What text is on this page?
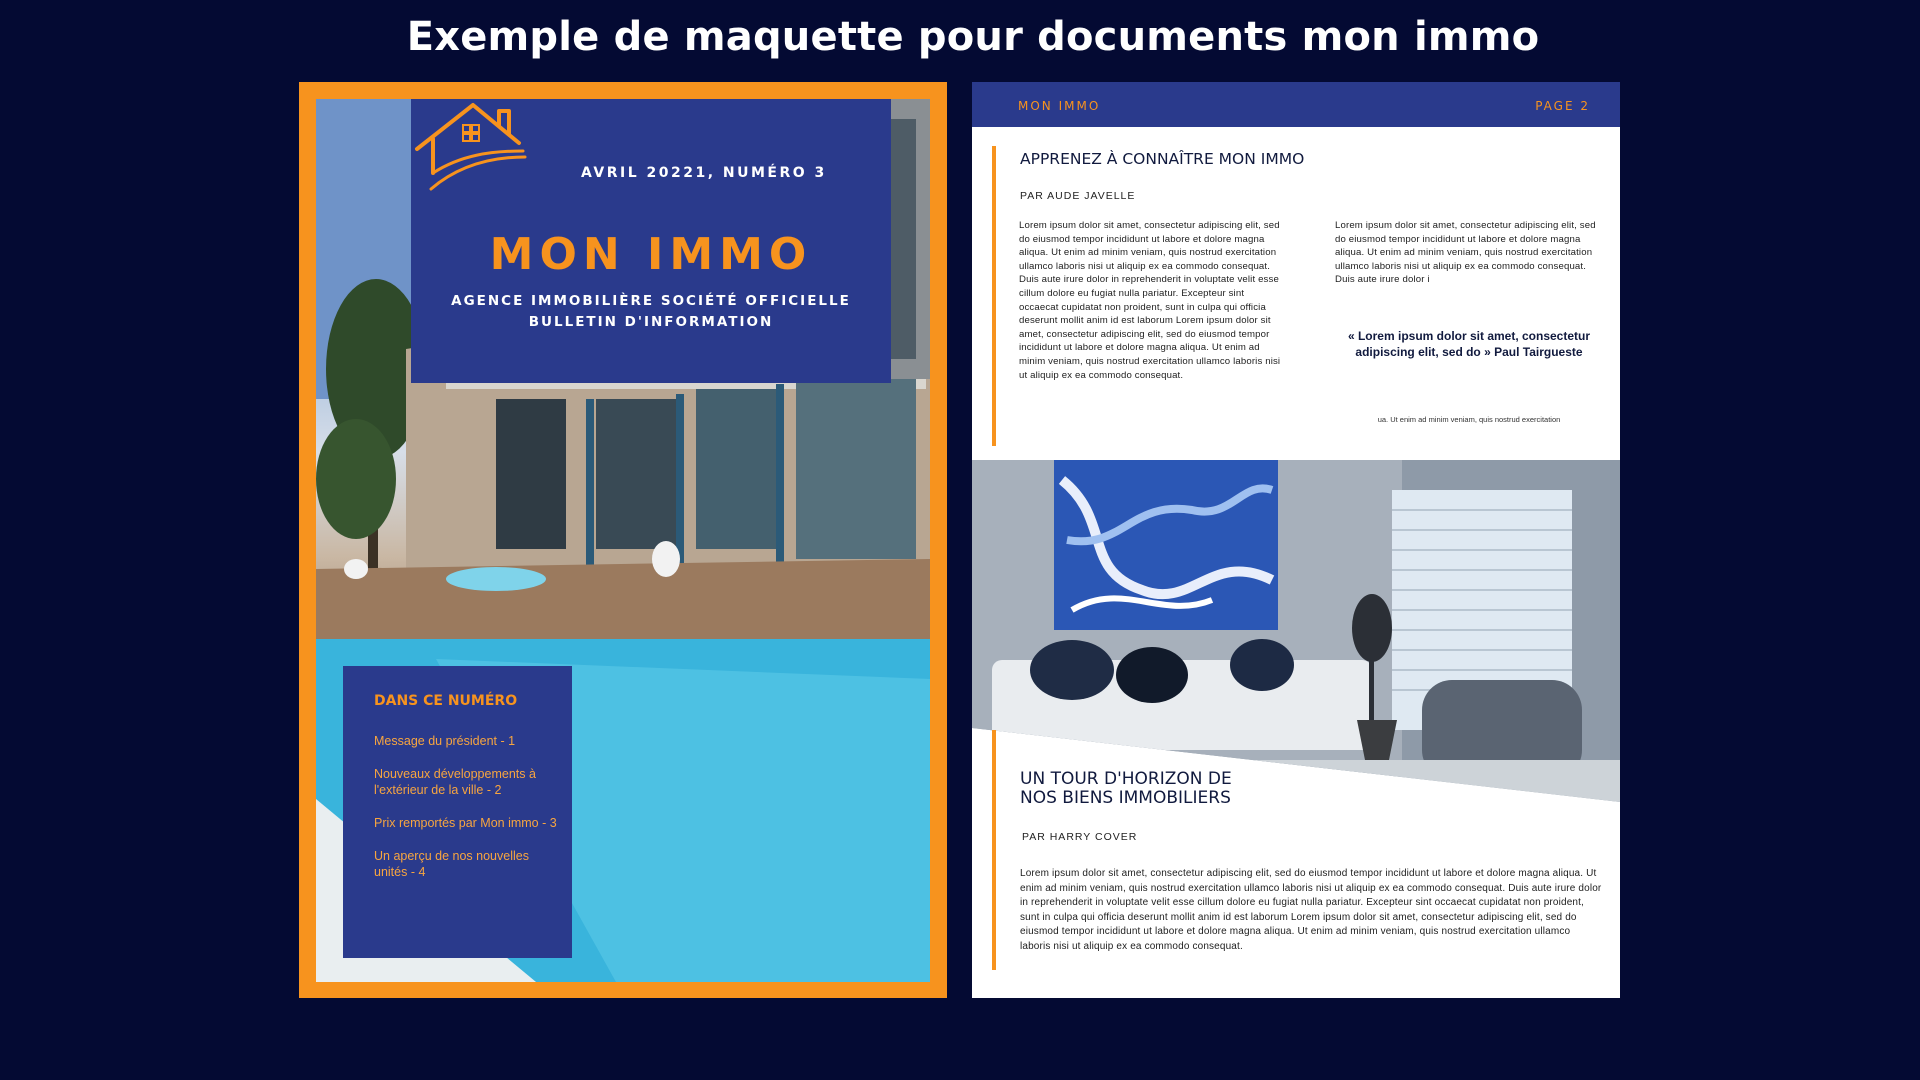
Exemple de maquette pour documents mon immo
AVRIL 20221, NUMÉRO 3
MON IMMO
AGENCE IMMOBILIÈRE SOCIÉTÉ OFFICIELLE
BULLETIN D'INFORMATION
DANS CE NUMÉRO
Message du président - 1
Nouveaux développements à l'extérieur de la ville - 2
Prix remportés par Mon immo - 3
Un aperçu de nos nouvelles unités - 4
MON IMMO	PAGE 2
APPRENEZ À CONNAÎTRE MON IMMO
PAR AUDE JAVELLE
Lorem ipsum dolor sit amet, consectetur adipiscing elit, sed do eiusmod tempor incididunt ut labore et dolore magna aliqua. Ut enim ad minim veniam, quis nostrud exercitation ullamco laboris nisi ut aliquip ex ea commodo consequat. Duis aute irure dolor in reprehenderit in voluptate velit esse cillum dolore eu fugiat nulla pariatur. Excepteur sint occaecat cupidatat non proident, sunt in culpa qui officia deserunt mollit anim id est laborum Lorem ipsum dolor sit amet, consectetur adipiscing elit, sed do eiusmod tempor incididunt ut labore et dolore magna aliqua. Ut enim ad minim veniam, quis nostrud exercitation ullamco laboris nisi ut aliquip ex ea commodo consequat.
Lorem ipsum dolor sit amet, consectetur adipiscing elit, sed do eiusmod tempor incididunt ut labore et dolore magna aliqua. Ut enim ad minim veniam, quis nostrud exercitation ullamco laboris nisi ut aliquip ex ea commodo consequat. Duis aute irure dolor i
« Lorem ipsum dolor sit amet, consectetur adipiscing elit, sed do » Paul Tairgueste
ua. Ut enim ad minim veniam, quis nostrud exercitation
UN TOUR D'HORIZON DE
NOS BIENS IMMOBILIERS
PAR HARRY COVER
Lorem ipsum dolor sit amet, consectetur adipiscing elit, sed do eiusmod tempor incididunt ut labore et dolore magna aliqua. Ut enim ad minim veniam, quis nostrud exercitation ullamco laboris nisi ut aliquip ex ea commodo consequat. Duis aute irure dolor in reprehenderit in voluptate velit esse cillum dolore eu fugiat nulla pariatur. Excepteur sint occaecat cupidatat non proident, sunt in culpa qui officia deserunt mollit anim id est laborum Lorem ipsum dolor sit amet, consectetur adipiscing elit, sed do eiusmod tempor incididunt ut labore et dolore magna aliqua. Ut enim ad minim veniam, quis nostrud exercitation ullamco laboris nisi ut aliquip ex ea commodo consequat.
